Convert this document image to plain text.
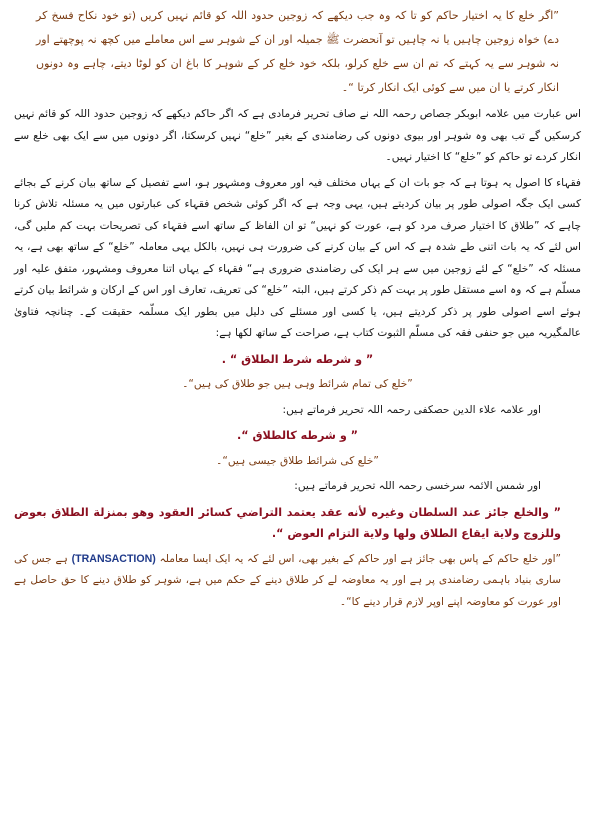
”اگر خلع کا یہ اختیار حاکم کو تا کہ وہ جب دیکھے کہ زوجین حدود اللہ کو قائم نہیں کریں (تو خود نکاح فسخ کر دے) خواہ زوجین چاہیں یا نہ چاہیں تو آنحضرت ﷺ جمیلہ اور ان کے شوہر سے اس معاملے میں کچھ نہ پوچھتے اور نہ شوہر سے یہ کہتے کہ تم ان سے خلع کرلو، بلکہ خود خلع کر کے شوہر کا باغ ان کو لوٹا دیتے، چاہے وہ دونوں انکار کرتے یا ان میں سے کوئی ایک انکار کرتا “۔

اس عبارت میں علامہ ابوبکر جصاص رحمہ اللہ نے صاف تحریر فرمادی ہے کہ اگر حاکم دیکھے کہ زوجین حدود اللہ کو قائم نہیں کرسکیں گے تب بھی وہ شوہر اور بیوی دونوں کی رضامندی کے بغیر ”خلع“ نہیں کرسکتا، اگر دونوں میں سے ایک بھی خلع سے انکار کردے تو حاکم کو ”خلع“ کا اختیار نہیں۔

فقہاء کا اصول یہ ہوتا ہے کہ جو بات ان کے یہاں مختلف فیہ اور معروف ومشہور ہو، اسے تفصیل کے ساتھ بیان کرنے کے بجائے کسی ایک جگہ اصولی طور پر بیان کردیتے ہیں، یہی وجہ ہے کہ اگر کوئی شخص فقہاء کی عبارتوں میں یہ مسئلہ تلاش کرنا چاہے کہ ”طلاق کا اختیار صرف مرد کو ہے، عورت کو نہیں“ تو ان الفاظ کے ساتھ اسے فقہاء کی تصریحات بہت کم ملیں گی، اس لئے کہ یہ بات اتنی طے شدہ ہے کہ اس کے بیان کرنے کی ضرورت ہی نہیں، بالکل یہی معاملہ ”خلع“ کے ساتھ بھی ہے، یہ مسئلہ کہ ”خلع“ کے لئے زوجین میں سے ہر ایک کی رضامندی ضروری ہے“ فقہاء کے یہاں اتنا معروف ومشہور، متفق علیہ اور مسلّم ہے کہ وہ اسے مستقل طور پر بہت کم ذکر کرتے ہیں، البتہ ”خلع“ کی تعریف، تعارف اور اس کے ارکان و شرائط بیان کرتے ہوئے اسے اصولی طور پر ذکر کردیتے ہیں، یا کسی اور مسئلے کی دلیل میں بطور ایک مسلّمہ حقیقت کے۔ چنانچہ فتاویٰ عالمگیریہ میں جو حنفی فقہ کی مسلّم الثبوت کتاب ہے، صراحت کے ساتھ لکھا ہے:

” و شرطه شرط الطلاق “ .

”خلع کی تمام شرائط وہی ہیں جو طلاق کی ہیں“۔

اور علامہ علاء الدین حصکفی رحمہ اللہ تحریر فرماتے ہیں:

” و شرطه كالطلاق “.

”خلع کی شرائط طلاق جیسی ہیں“۔

اور شمس الائمہ سرخسی رحمہ اللہ تحریر فرماتے ہیں:

” والخلع جائز عند السلطان وغيره لأنه عقد يعتمد التراضي كسائر العقود وهو بمنزلة الطلاق بعوض وللزوج ولاية ايقاع الطلاق ولها ولاية التزام العوض “.

”اور خلع حاکم کے پاس بھی جائز ہے اور حاکم کے بغیر بھی، اس لئے کہ یہ ایک ایسا معاملہ (TRANSACTION) ہے جس کی ساری بنیاد باہمی رضامندی پر ہے اور یہ معاوضہ لے کر طلاق دینے کے حکم میں ہے، شوہر کو طلاق دینے کا حق حاصل ہے اور عورت کو معاوضہ اپنے اوپر لازم قرار دینے کا“۔
